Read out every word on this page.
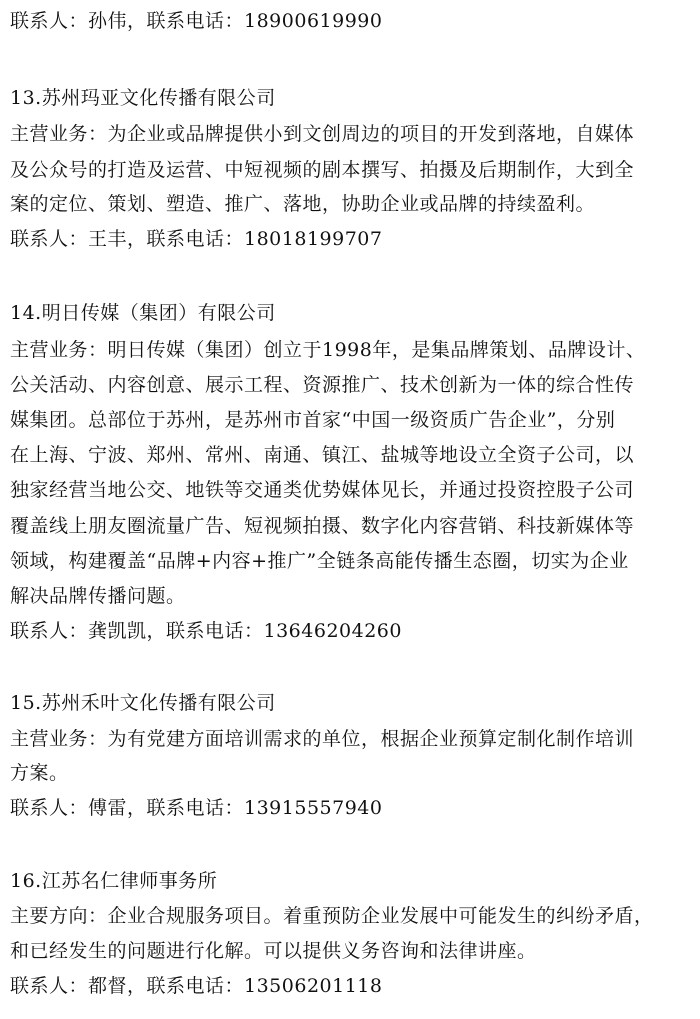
联系人：孙伟，联系电话：18900619990
13.苏州玛亚文化传播有限公司
主营业务：为企业或品牌提供小到文创周边的项目的开发到落地，自媒体
及公众号的打造及运营、中短视频的剧本撰写、拍摄及后期制作，大到全
案的定位、策划、塑造、推广、落地，协助企业或品牌的持续盈利。
联系人：王丰，联系电话：18018199707
14.明日传媒（集团）有限公司
主营业务：明日传媒（集团）创立于1998年，是集品牌策划、品牌设计、
公关活动、内容创意、展示工程、资源推广、技术创新为一体的综合性传
媒集团。总部位于苏州，是苏州市首家“中国一级资质广告企业”，分别
在上海、宁波、郑州、常州、南通、镇江、盐城等地设立全资子公司，以
独家经营当地公交、地铁等交通类优势媒体见长，并通过投资控股子公司
覆盖线上朋友圈流量广告、短视频拍摄、数字化内容营销、科技新媒体等
领域，构建覆盖“品牌+内容+推广”全链条高能传播生态圈，切实为企业
解决品牌传播问题。
联系人：龚凯凯，联系电话：13646204260
15.苏州禾叶文化传播有限公司
主营业务：为有党建方面培训需求的单位，根据企业预算定制化制作培训
方案。
联系人：傅雷，联系电话：13915557940
16.江苏名仁律师事务所
主要方向：企业合规服务项目。着重预防企业发展中可能发生的纠纷矛盾，
和已经发生的问题进行化解。可以提供义务咨询和法律讲座。
联系人：都督，联系电话：13506201118
